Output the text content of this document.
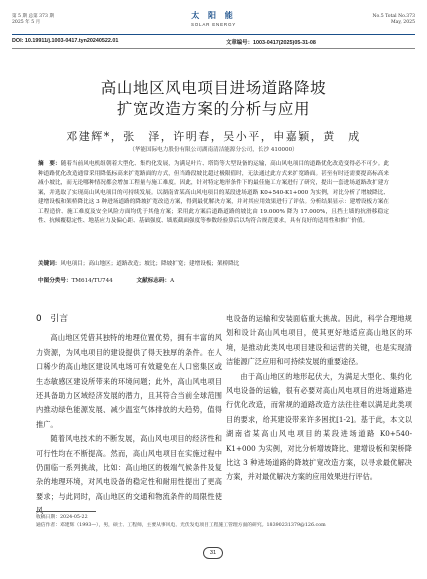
第 5 期 总第 373 期
2025 年 5 月
太 阳 能
SOLAR ENERGY
No.5 Total No.373
May, 2025
DOI: 10.19911/j.1003-0417.tyn20240522.01	文章编号：1003-0417(2025)05-31-08
高山地区风电项目进场道路降坡
扩宽改造方案的分析与应用
邓建辉*，张　泽，许明春，吴小平，申嘉颖，黄　成
（华能国际电力股份有限公司湖南清洁能源分公司，长沙 410000）
摘　要：随着当前风电机组朝着大型化、集约化发展，为满足叶片、塔筒等大型设备的运输，高山风电项目的道路优化改造变得必不可少。此种道路优化改造通常采用降低标高来扩宽路面的方式，但当路段坡比超过极限值时，无法通过此方式来扩宽路面。甚至有时还需要提高标高来减小坡比，而无论哪种情况都会增加工程量与施工难度。因此，针对特定地形条件下的最佳施工方案进行了研究，提出一套进场道路改扩建方案，并选取了实现高山风电项目的可持续发展。以湖南省某高山风电项目的某段进场道路 K0+540-K1+000 为实例，对比分析了增坡降比、建增设板和架桥降比这 3 种进场道路的降坡扩宽改造方案，得到最优解决方案，并对其应用效果进行了评估。分析结果显示：建增设板方案在工程造价、施工难度及安全风险方面均优于其他方案；采用此方案后道路道路的坡比由 19.000% 降为 17.000%，且挡土墙的抗滑移稳定性、抗倾覆稳定性、地基应力及偏心距、基础强度、墙底截面强度等参数经验算后以均符合规范要求，具有良好的适用性和推广价值。
关键词：风电项目；高山地区；道路改造；坡比；降坡扩宽；建增设板；架桥降比
中图分类号：TM614/TU744	文献标志码：A
0　引言

高山地区凭借其独特的地理位置优势，拥有丰富的风力资源，为风电项目的建设提供了得天独厚的条件。在人口稀少的高山地区建设风电场可有效避免在人口密集区或生态敏感区建设所带来的环境问题；此外，高山风电项目还具备助力区域经济发展的潜力，且其符合当前全球范围内推动绿色能源发展、减少温室气体排放的大趋势，值得推广。

随着风电技术的不断发展，高山风电项目的经济性和可行性均在不断提高。然而，高山风电项目在实施过程中仍面临一系列挑战，比如：高山地区的极端气候条件及复杂的地理环境，对风电设备的稳定性和耐用性提出了更高要求；与此同时，高山地区的交通和物流条件的局限性使风

电设备的运输和安装面临重大挑战。因此，科学合理地规划和设计高山风电项目，使其更好地适应高山地区的环境，是推动此类风电项目建设和运营的关键，也是实现清洁能源广泛应用和可持续发展的重要途径。

由于高山地区的地形起伏大，为满足大型化、集约化风电设备的运输，很有必要对高山风电项目的进场道路进行优化改造，而常规的道路改造方法往往难以满足此类项目的要求，给其建设带来许多困扰[1-2]。基于此，本文以湖南省某高山风电项目的某段进场道路 K0+540-K1+000 为实例，对比分析增坡降比、建增设板和架桥降比这 3 种进场道路的降坡扩宽改造方案，以寻求最优解决方案，并对最优解决方案的应用效果进行评估。

收稿日期：2024-05-22
通信作者：邓建辉（1993—），男，硕士、工程师，主要从事风电、光伏发电项目工程施工管理方面的研究。18390231379@126.com
31
